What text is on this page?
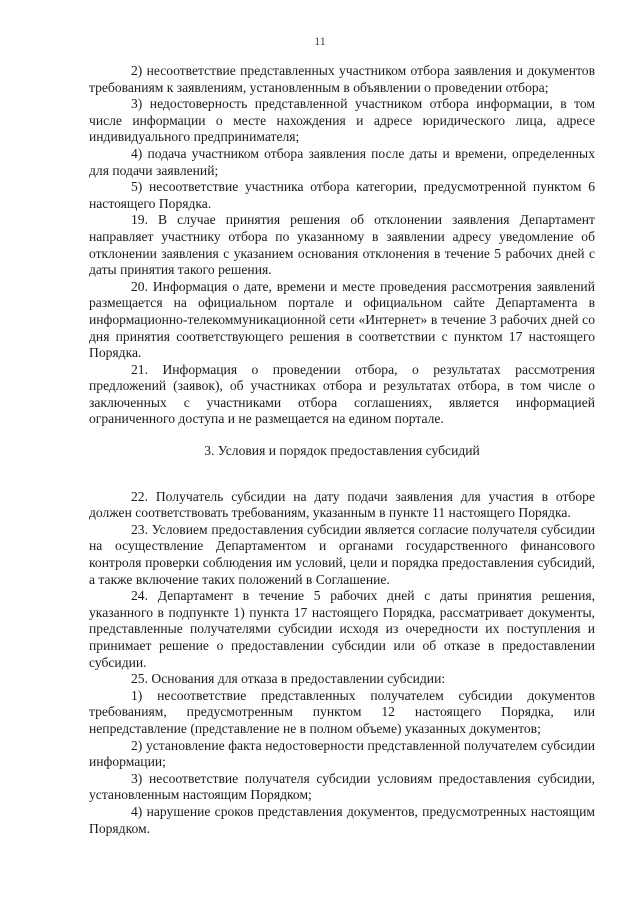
11

2) несоответствие представленных участником отбора заявления и документов требованиям к заявлениям, установленным в объявлении о проведении отбора;

3) недостоверность представленной участником отбора информации, в том числе информации о месте нахождения и адресе юридического лица, адресе индивидуального предпринимателя;

4) подача участником отбора заявления после даты и времени, определенных для подачи заявлений;

5) несоответствие участника отбора категории, предусмотренной пунктом 6 настоящего Порядка.

19. В случае принятия решения об отклонении заявления Департамент направляет участнику отбора по указанному в заявлении адресу уведомление об отклонении заявления с указанием основания отклонения в течение 5 рабочих дней с даты принятия такого решения.

20. Информация о дате, времени и месте проведения рассмотрения заявлений размещается на официальном портале и официальном сайте Департамента в информационно-телекоммуникационной сети «Интернет» в течение 3 рабочих дней со дня принятия соответствующего решения в соответствии с пунктом 17 настоящего Порядка.

21. Информация о проведении отбора, о результатах рассмотрения предложений (заявок), об участниках отбора и результатах отбора, в том числе о заключенных с участниками отбора соглашениях, является информацией ограниченного доступа и не размещается на едином портале.

3. Условия и порядок предоставления субсидий

22. Получатель субсидии на дату подачи заявления для участия в отборе должен соответствовать требованиям, указанным в пункте 11 настоящего Порядка.

23. Условием предоставления субсидии является согласие получателя субсидии на осуществление Департаментом и органами государственного финансового контроля проверки соблюдения им условий, цели и порядка предоставления субсидий, а также включение таких положений в Соглашение.

24. Департамент в течение 5 рабочих дней с даты принятия решения, указанного в подпункте 1) пункта 17 настоящего Порядка, рассматривает документы, представленные получателями субсидии исходя из очередности их поступления и принимает решение о предоставлении субсидии или об отказе в предоставлении субсидии.

25. Основания для отказа в предоставлении субсидии:

1) несоответствие представленных получателем субсидии документов требованиям, предусмотренным пунктом 12 настоящего Порядка, или непредставление (представление не в полном объеме) указанных документов;

2) установление факта недостоверности представленной получателем субсидии информации;

3) несоответствие получателя субсидии условиям предоставления субсидии, установленным настоящим Порядком;

4) нарушение сроков представления документов, предусмотренных настоящим Порядком.
